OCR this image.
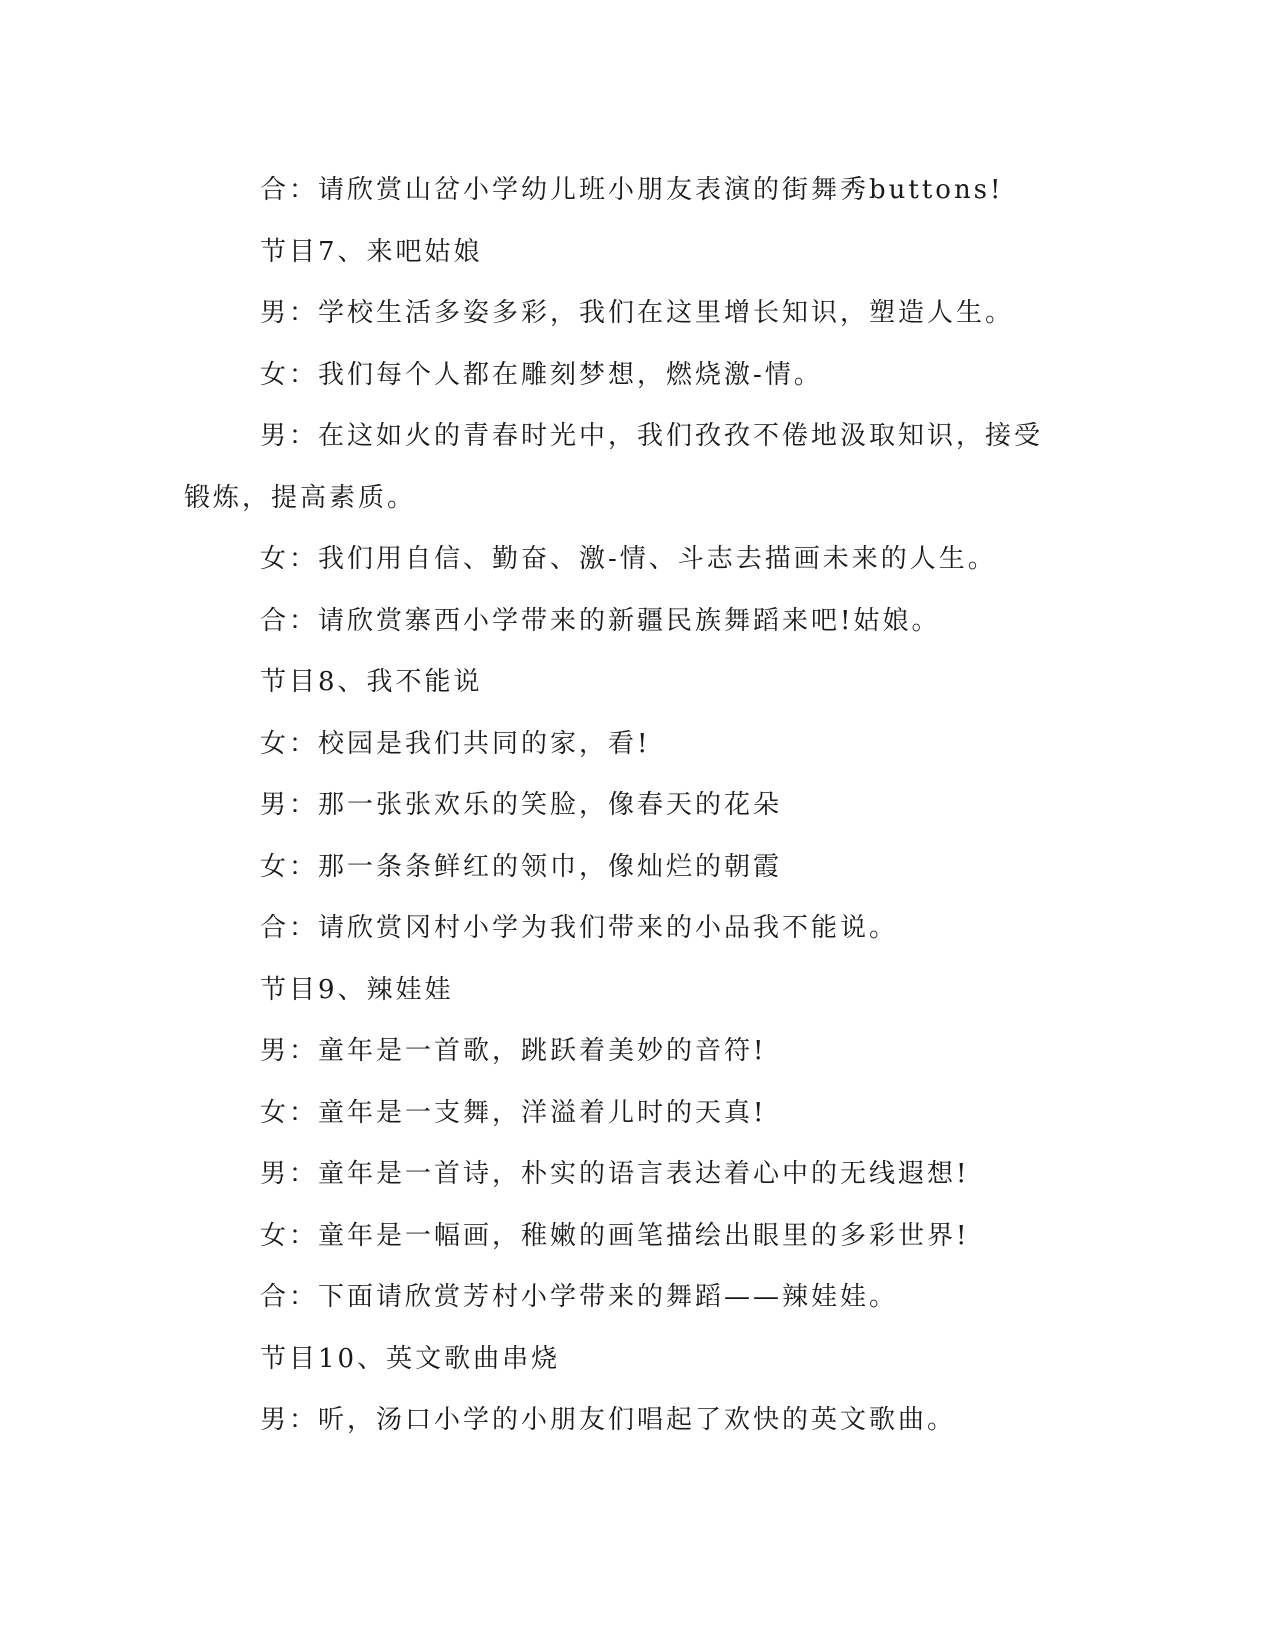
合：请欣赏山岔小学幼儿班小朋友表演的街舞秀buttons!

节目7、来吧姑娘

男：学校生活多姿多彩，我们在这里增长知识，塑造人生。

女：我们每个人都在雕刻梦想，燃烧激-情。

男：在这如火的青春时光中，我们孜孜不倦地汲取知识，接受锻炼，提高素质。

女：我们用自信、勤奋、激-情、斗志去描画未来的人生。

合：请欣赏寨西小学带来的新疆民族舞蹈来吧!姑娘。

节目8、我不能说

女：校园是我们共同的家，看!

男：那一张张欢乐的笑脸，像春天的花朵

女：那一条条鲜红的领巾，像灿烂的朝霞

合：请欣赏冈村小学为我们带来的小品我不能说。

节目9、辣娃娃

男：童年是一首歌，跳跃着美妙的音符!

女：童年是一支舞，洋溢着儿时的天真!

男：童年是一首诗，朴实的语言表达着心中的无线遐想!

女：童年是一幅画，稚嫩的画笔描绘出眼里的多彩世界!

合：下面请欣赏芳村小学带来的舞蹈——辣娃娃。

节目10、英文歌曲串烧

男：听，汤口小学的小朋友们唱起了欢快的英文歌曲。
